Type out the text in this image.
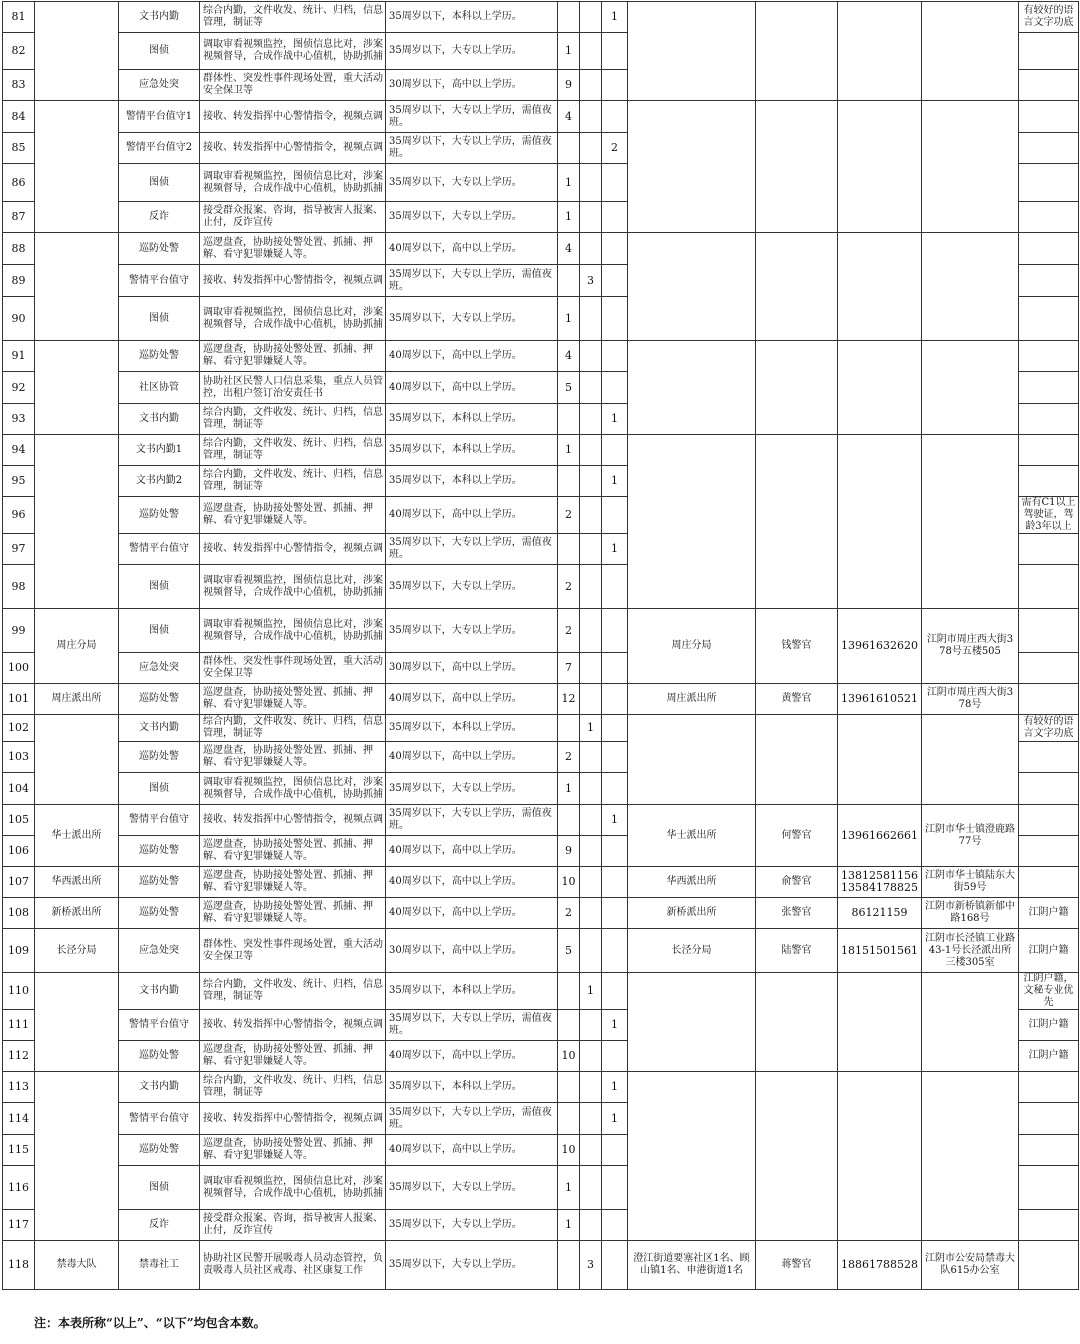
81		文书内勤	综合内勤，文件收发、统计、归档，信息管理，制证等	35周岁以下，本科以上学历。			1					有较好的语言文字功底
82		图侦	调取审看视频监控，图侦信息比对，涉案视频督导，合成作战中心值机，协助抓捕	35周岁以下，大专以上学历。	1							
83		应急处突	群体性、突发性事件现场处置，重大活动安全保卫等	30周岁以下，高中以上学历。	9							
84		警情平台值守1	接收、转发指挥中心警情指令，视频点调	35周岁以下，大专以上学历，需值夜班。	4							
85		警情平台值守2	接收、转发指挥中心警情指令，视频点调	35周岁以下，大专以上学历，需值夜班。			2					
86		图侦	调取审看视频监控，图侦信息比对，涉案视频督导，合成作战中心值机，协助抓捕	35周岁以下，大专以上学历。	1							
87		反诈	接受群众报案、咨询，指导被害人报案、止付，反诈宣传	35周岁以下，大专以上学历。	1							
88		巡防处警	巡逻盘查，协助接处警处置、抓捕、押解、看守犯罪嫌疑人等。	40周岁以下，高中以上学历。	4							
89		警情平台值守	接收、转发指挥中心警情指令，视频点调	35周岁以下，大专以上学历，需值夜班。		3						
90		图侦	调取审看视频监控，图侦信息比对，涉案视频督导，合成作战中心值机，协助抓捕	35周岁以下，大专以上学历。	1							
91		巡防处警	巡逻盘查，协助接处警处置、抓捕、押解、看守犯罪嫌疑人等。	40周岁以下，高中以上学历。	4							
92		社区协管	协助社区民警人口信息采集，重点人员管控，出租户签订治安责任书	40周岁以下，高中以上学历。	5							
93		文书内勤	综合内勤，文件收发、统计、归档，信息管理，制证等	35周岁以下，本科以上学历。			1					
94		文书内勤1	综合内勤，文件收发、统计、归档，信息管理，制证等	35周岁以下，本科以上学历。	1							
95		文书内勤2	综合内勤，文件收发、统计、归档，信息管理，制证等	35周岁以下，本科以上学历。			1					
96		巡防处警	巡逻盘查，协助接处警处置、抓捕、押解、看守犯罪嫌疑人等。	40周岁以下，高中以上学历。	2							需有C1以上驾驶证，驾龄3年以上
97		警情平台值守	接收、转发指挥中心警情指令，视频点调	35周岁以下，大专以上学历，需值夜班。			1					
98		图侦	调取审看视频监控，图侦信息比对，涉案视频督导，合成作战中心值机，协助抓捕	35周岁以下，大专以上学历。	2							
99	周庄分局	图侦	调取审看视频监控，图侦信息比对，涉案视频督导，合成作战中心值机，协助抓捕	35周岁以下，大专以上学历。	2			周庄分局	钱警官	13961632620	江阴市周庄西大街378号五楼505	
100		应急处突	群体性、突发性事件现场处置，重大活动安全保卫等	30周岁以下，高中以上学历。	7							
101	周庄派出所	巡防处警	巡逻盘查，协助接处警处置、抓捕、押解、看守犯罪嫌疑人等。	40周岁以下，高中以上学历。	12			周庄派出所	黄警官	13961610521	江阴市周庄西大街378号	
102		文书内勤	综合内勤，文件收发、统计、归档，信息管理，制证等	35周岁以下，本科以上学历。		1						有较好的语言文字功底
103		巡防处警	巡逻盘查，协助接处警处置、抓捕、押解、看守犯罪嫌疑人等。	40周岁以下，高中以上学历。	2							
104		图侦	调取审看视频监控，图侦信息比对，涉案视频督导，合成作战中心值机，协助抓捕	35周岁以下，大专以上学历。	1							
105	华士派出所	警情平台值守	接收、转发指挥中心警情指令，视频点调	35周岁以下，大专以上学历，需值夜班。			1	华士派出所	何警官	13961662661	江阴市华士镇澄鹿路77号	
106		巡防处警	巡逻盘查，协助接处警处置、抓捕、押解、看守犯罪嫌疑人等。	40周岁以下，高中以上学历。	9							
107	华西派出所	巡防处警	巡逻盘查，协助接处警处置、抓捕、押解、看守犯罪嫌疑人等。	40周岁以下，高中以上学历。	10			华西派出所	俞警官	13812581156 13584178825	江阴市华士镇陆东大街59号	
108	新桥派出所	巡防处警	巡逻盘查，协助接处警处置、抓捕、押解、看守犯罪嫌疑人等。	40周岁以下，高中以上学历。	2			新桥派出所	张警官	86121159	江阴市新桥镇新郁中路168号	江阴户籍
109	长泾分局	应急处突	群体性、突发性事件现场处置，重大活动安全保卫等	30周岁以下，高中以上学历。	5			长泾分局	陆警官	18151501561	江阴市长泾镇工业路43-1号长泾派出所三楼305室	江阴户籍
110		文书内勤	综合内勤，文件收发、统计、归档，信息管理，制证等	35周岁以下，本科以上学历。		1						江阴户籍，文秘专业优先
111		警情平台值守	接收、转发指挥中心警情指令，视频点调	35周岁以下，大专以上学历，需值夜班。			1					江阴户籍
112		巡防处警	巡逻盘查，协助接处警处置、抓捕、押解、看守犯罪嫌疑人等。	40周岁以下，高中以上学历。	10							江阴户籍
113		文书内勤	综合内勤，文件收发、统计、归档，信息管理，制证等	35周岁以下，本科以上学历。			1					
114		警情平台值守	接收、转发指挥中心警情指令，视频点调	35周岁以下，大专以上学历，需值夜班。			1					
115		巡防处警	巡逻盘查，协助接处警处置、抓捕、押解、看守犯罪嫌疑人等。	40周岁以下，高中以上学历。	10							
116		图侦	调取审看视频监控，图侦信息比对，涉案视频督导，合成作战中心值机，协助抓捕	35周岁以下，大专以上学历。	1							
117		反诈	接受群众报案、咨询，指导被害人报案、止付，反诈宣传	35周岁以下，大专以上学历。	1							
118	禁毒大队	禁毒社工	协助社区民警开展吸毒人员动态管控，负责吸毒人员社区戒毒、社区康复工作	35周岁以下，大专以上学历。		3		澄江街道要塞社区1名、顾山镇1名、申港街道1名	蒋警官	18861788528	江阴市公安局禁毒大队615办公室	
注：本表所称“以上”、“以下”均包含本数。
